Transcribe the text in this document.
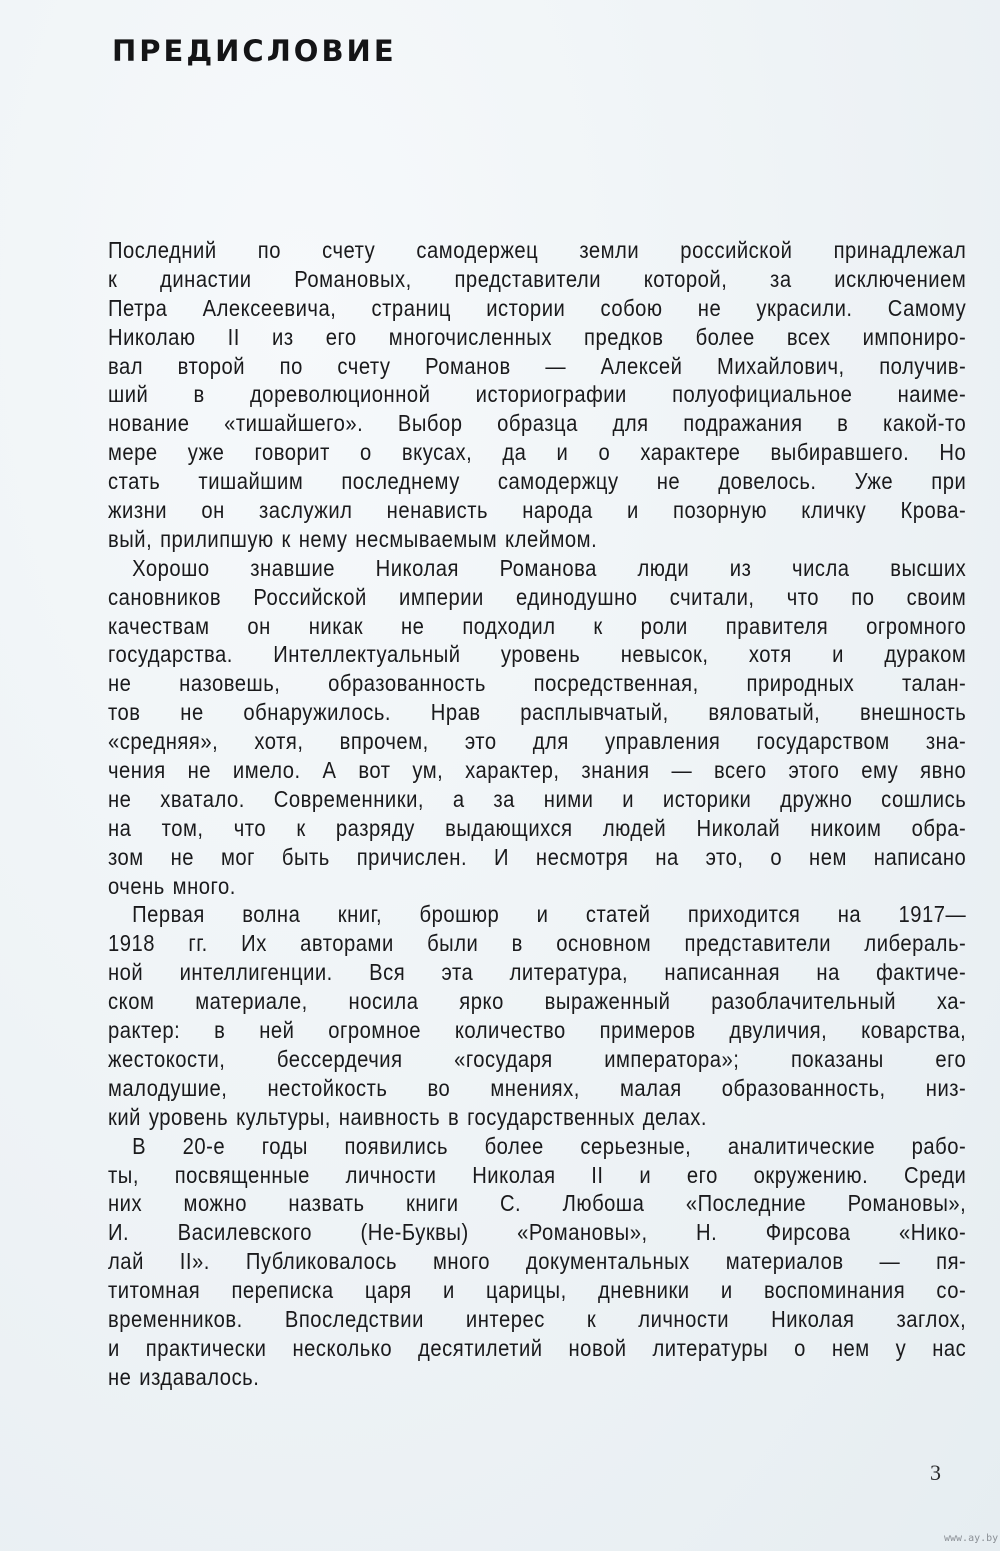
ПРЕДИСЛОВИЕ
Последний по счету самодержец земли российской принадлежал
к династии Романовых, представители которой, за исключением
Петра Алексеевича, страниц истории собою не украсили. Самому
Николаю II из его многочисленных предков более всех импониро-
вал второй по счету Романов — Алексей Михайлович, получив-
ший в дореволюционной историографии полуофициальное наиме-
нование «тишайшего». Выбор образца для подражания в какой-то
мере уже говорит о вкусах, да и о характере выбиравшего. Но
стать тишайшим последнему самодержцу не довелось. Уже при
жизни он заслужил ненависть народа и позорную кличку Крова-
вый, прилипшую к нему несмываемым клеймом.
Хорошо знавшие Николая Романова люди из числа высших
сановников Российской империи единодушно считали, что по своим
качествам он никак не подходил к роли правителя огромного
государства. Интеллектуальный уровень невысок, хотя и дураком
не назовешь, образованность посредственная, природных талан-
тов не обнаружилось. Нрав расплывчатый, вяловатый, внешность
«средняя», хотя, впрочем, это для управления государством зна-
чения не имело. А вот ум, характер, знания — всего этого ему явно
не хватало. Современники, а за ними и историки дружно сошлись
на том, что к разряду выдающихся людей Николай никоим обра-
зом не мог быть причислен. И несмотря на это, о нем написано
очень много.
Первая волна книг, брошюр и статей приходится на 1917—
1918 гг. Их авторами были в основном представители либераль-
ной интеллигенции. Вся эта литература, написанная на фактиче-
ском материале, носила ярко выраженный разоблачительный ха-
рактер: в ней огромное количество примеров двуличия, коварства,
жестокости, бессердечия «государя императора»; показаны его
малодушие, нестойкость во мнениях, малая образованность, низ-
кий уровень культуры, наивность в государственных делах.
В 20-е годы появились более серьезные, аналитические рабо-
ты, посвященные личности Николая II и его окружению. Среди
них можно назвать книги С. Любоша «Последние Романовы»,
И. Василевского (Не-Буквы) «Романовы», Н. Фирсова «Нико-
лай II». Публиковалось много документальных материалов — пя-
титомная переписка царя и царицы, дневники и воспоминания со-
временников. Впоследствии интерес к личности Николая заглох,
и практически несколько десятилетий новой литературы о нем у нас
не издавалось.
3
www.ay.by
